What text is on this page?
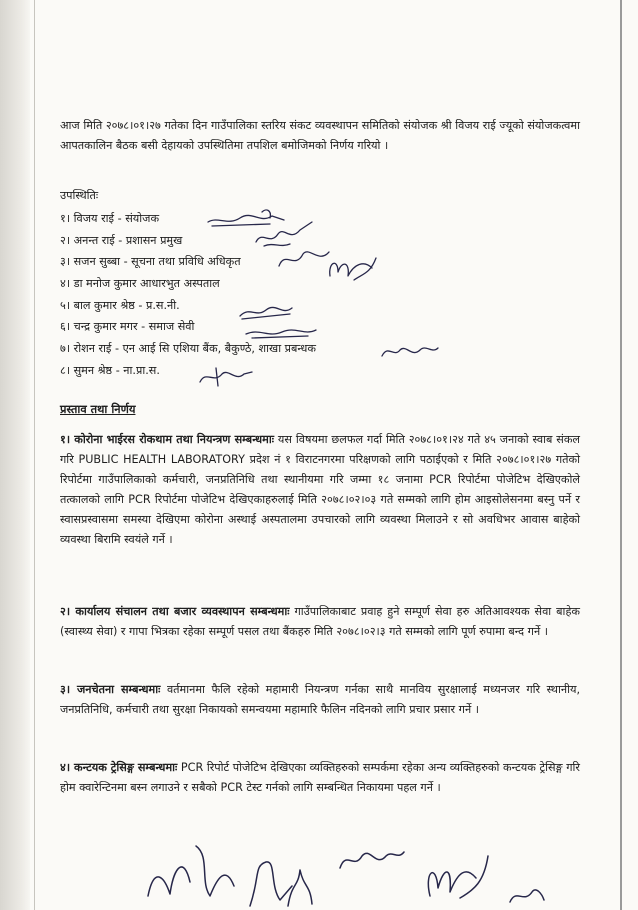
आज मिति २०७८।०१।२७ गतेका दिन गाउँपालिका स्तरिय संकट व्यवस्थापन समितिको संयोजक श्री विजय राई ज्यूको संयोजकत्वमा आपतकालिन बैठक बसी देहायको उपस्थितिमा तपशिल बमोजिमको निर्णय गरियो ।
उपस्थितिः
१। विजय राई - संयोजक
२। अनन्त राई - प्रशासन प्रमुख
३। सजन सुब्बा - सूचना तथा प्रविधि अधिकृत
४। डा मनोज कुमार आधारभुत अस्पताल
५। बाल कुमार श्रेष्ठ - प्र.स.नी.
६। चन्द्र कुमार मगर - समाज सेवी
७। रोशन राई - एन आई सि एशिया बैंक, बैकुण्ठे, शाखा प्रबन्धक
८। सुमन श्रेष्ठ - ना.प्रा.स.
प्रस्ताव तथा निर्णय
१। कोरोना भाईरस रोकथाम तथा नियन्त्रण सम्बन्धमाः यस विषयमा छलफल गर्दा मिति २०७८।०१।२४ गते ४५ जनाको स्वाब संकल गरि PUBLIC HEALTH LABORATORY प्रदेश नं १ विराटनगरमा परिक्षणको लागि पठाईएको र मिति २०७८।०१।२७ गतेको रिपोर्टमा गाउँपालिकाको कर्मचारी, जनप्रतिनिधि तथा स्थानीयमा गरि जम्मा १८ जनामा PCR रिपोर्टमा पोजेटिभ देखिएकोले तत्कालको लागि PCR रिपोर्टमा पोजेटिभ देखिएकाहरुलाई मिति २०७८।०२।०३ गते सम्मको लागि होम आइसोलेसनमा बस्नु पर्ने र स्वासप्रस्वासमा समस्या देखिएमा कोरोना अस्थाई अस्पतालमा उपचारको लागि व्यवस्था मिलाउने र सो अवधिभर आवास बाहेको व्यवस्था बिरामि स्वयंले गर्ने ।
२। कार्यालय संचालन तथा बजार व्यवस्थापन सम्बन्धमाः गाउँपालिकाबाट प्रवाह हुने सम्पूर्ण सेवा हरु अतिआवश्यक सेवा बाहेक (स्वास्थ्य सेवा) र गापा भित्रका रहेका सम्पूर्ण पसल तथा बैंकहरु मिति २०७८।०२।३ गते सम्मको लागि पूर्ण रुपामा बन्द गर्ने ।
३। जनचेतना सम्बन्धमाः वर्तमानमा फैलि रहेको महामारी नियन्त्रण गर्नका साथै मानविय सुरक्षालाई मध्यनजर गरि स्थानीय, जनप्रतिनिधि, कर्मचारी तथा सुरक्षा निकायको समन्वयमा महामारि फैलिन नदिनको लागि प्रचार प्रसार गर्ने ।
४। कन्टयक ट्रेसिङ्ग सम्बन्धमाः PCR रिपोर्ट पोजेटिभ देखिएका व्यक्तिहरुको सम्पर्कमा रहेका अन्य व्यक्तिहरुको कन्टयक ट्रेसिङ्ग गरि होम क्वारेन्टिनमा बस्न लगाउने र सबैको PCR टेस्ट गर्नको लागि सम्बन्धित निकायमा पहल गर्ने ।
